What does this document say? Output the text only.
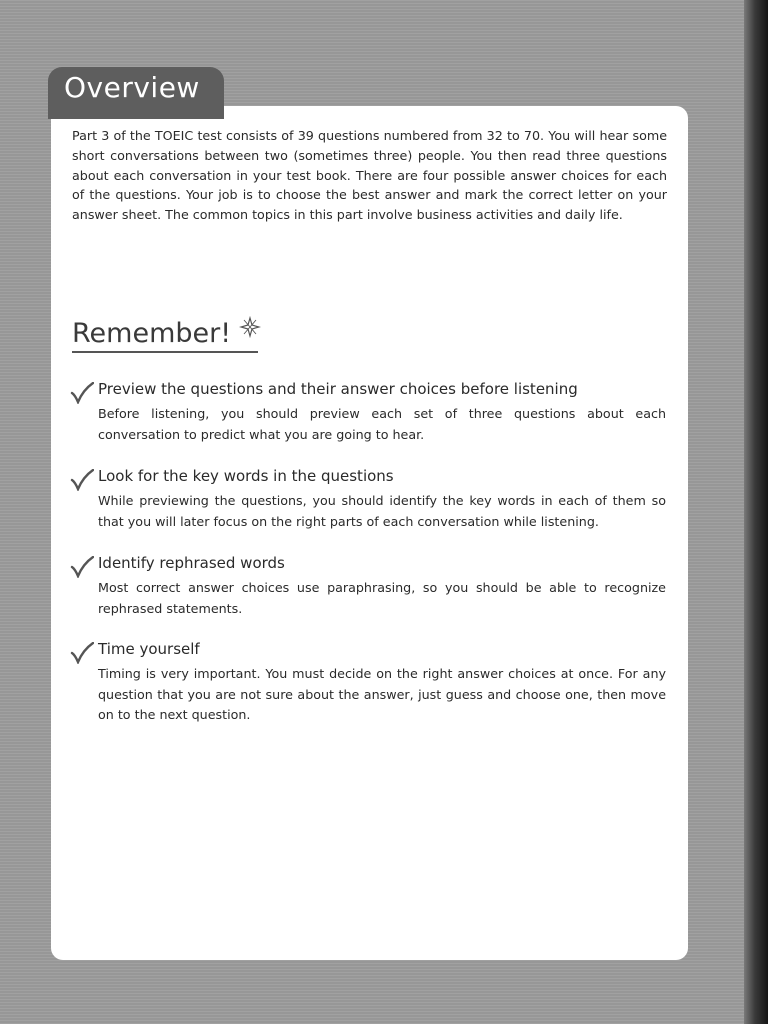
Overview

Part 3 of the TOEIC test consists of 39 questions numbered from 32 to 70. You will hear some short conversations between two (sometimes three) people. You then read three questions about each conversation in your test book. There are four possible answer choices for each of the questions. Your job is to choose the best answer and mark the correct letter on your answer sheet. The common topics in this part involve business activities and daily life.

Remember!
Preview the questions and their answer choices before listening

Before listening, you should preview each set of three questions about each conversation to predict what you are going to hear.

Look for the key words in the questions

While previewing the questions, you should identify the key words in each of them so that you will later focus on the right parts of each conversation while listening.

Identify rephrased words

Most correct answer choices use paraphrasing, so you should be able to recognize rephrased statements.

Time yourself

Timing is very important. You must decide on the right answer choices at once. For any question that you are not sure about the answer, just guess and choose one, then move on to the next question.
